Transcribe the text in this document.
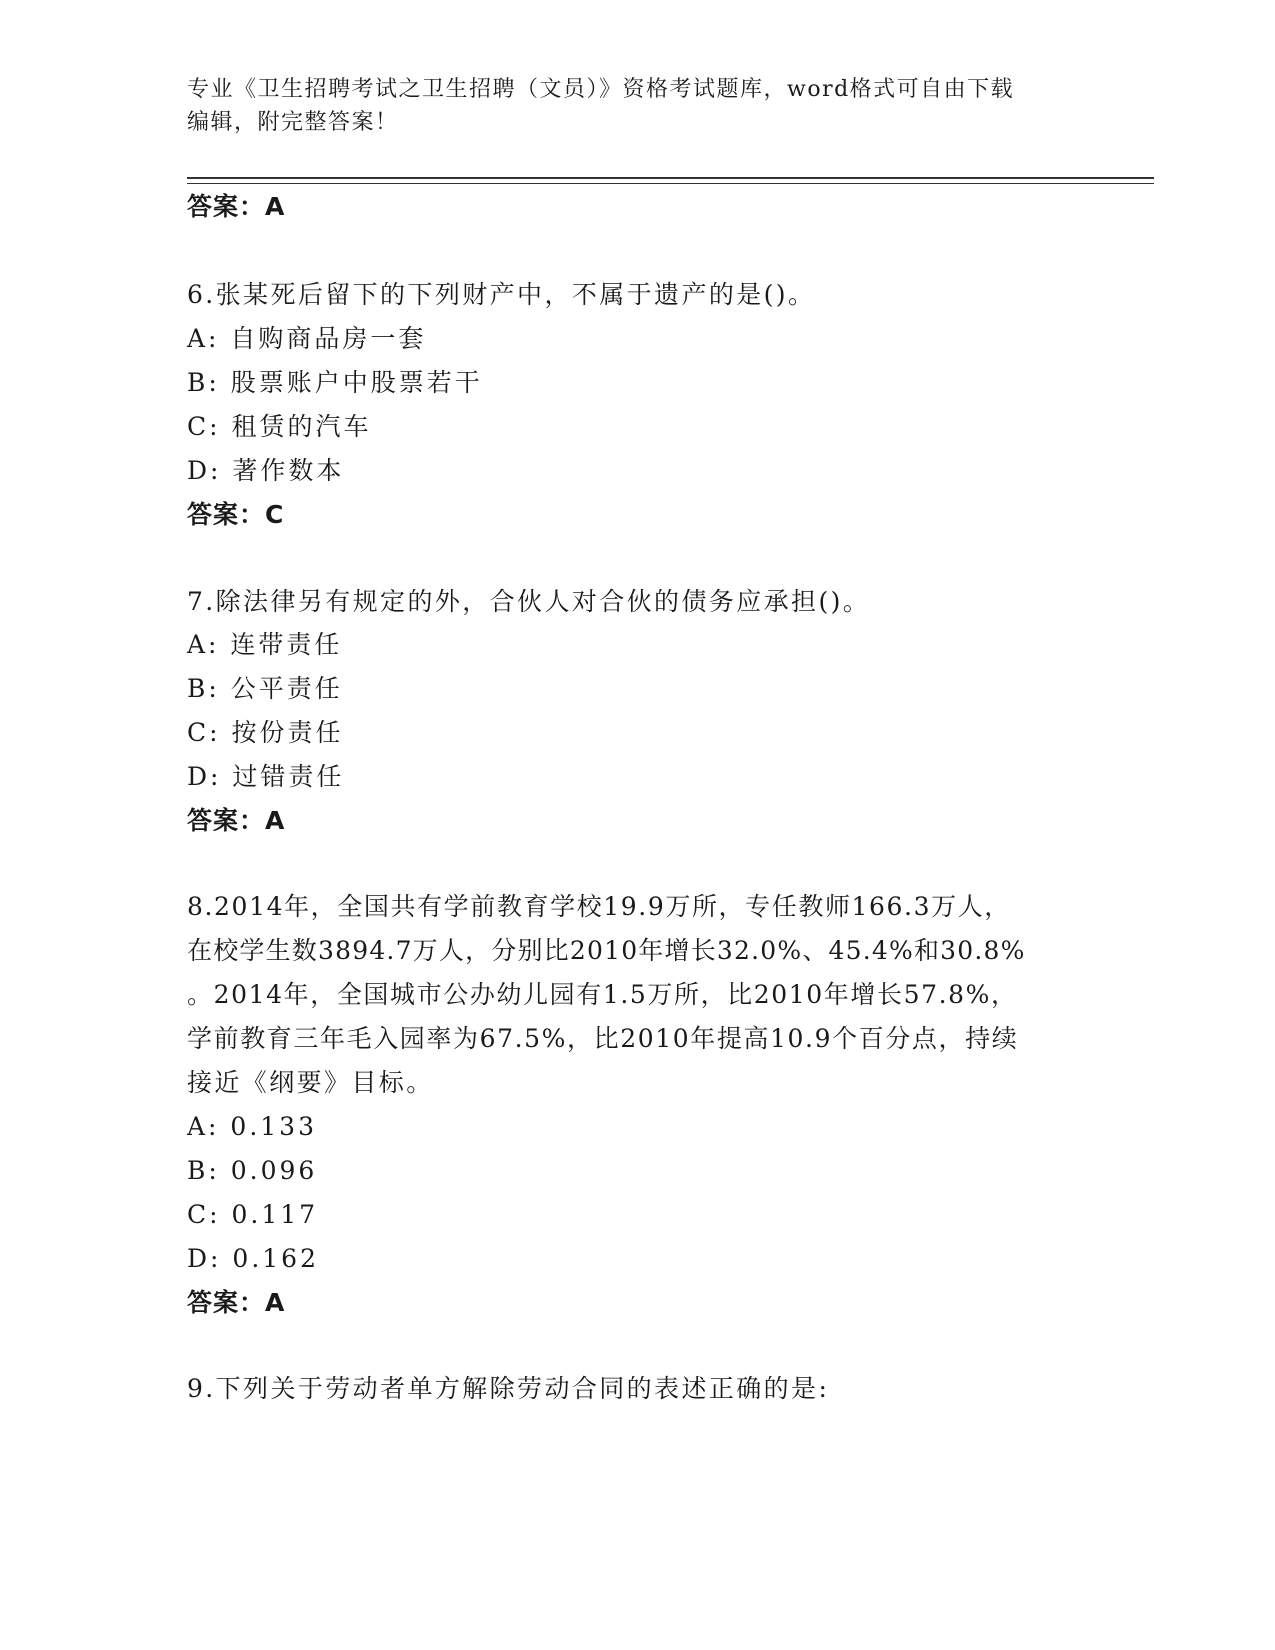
专业《卫生招聘考试之卫生招聘（文员）》资格考试题库，word格式可自由下载
编辑，附完整答案！
答案：A
6.张某死后留下的下列财产中，不属于遗产的是()。
A: 自购商品房一套
B: 股票账户中股票若干
C: 租赁的汽车
D: 著作数本
答案：C
7.除法律另有规定的外，合伙人对合伙的债务应承担()。
A: 连带责任
B: 公平责任
C: 按份责任
D: 过错责任
答案：A
8.2014年，全国共有学前教育学校19.9万所，专任教师166.3万人，
在校学生数3894.7万人，分别比2010年增长32.0%、45.4%和30.8%
。2014年，全国城市公办幼儿园有1.5万所，比2010年增长57.8%，
学前教育三年毛入园率为67.5%，比2010年提高10.9个百分点，持续
接近《纲要》目标。
A: 0.133
B: 0.096
C: 0.117
D: 0.162
答案：A
9.下列关于劳动者单方解除劳动合同的表述正确的是:
